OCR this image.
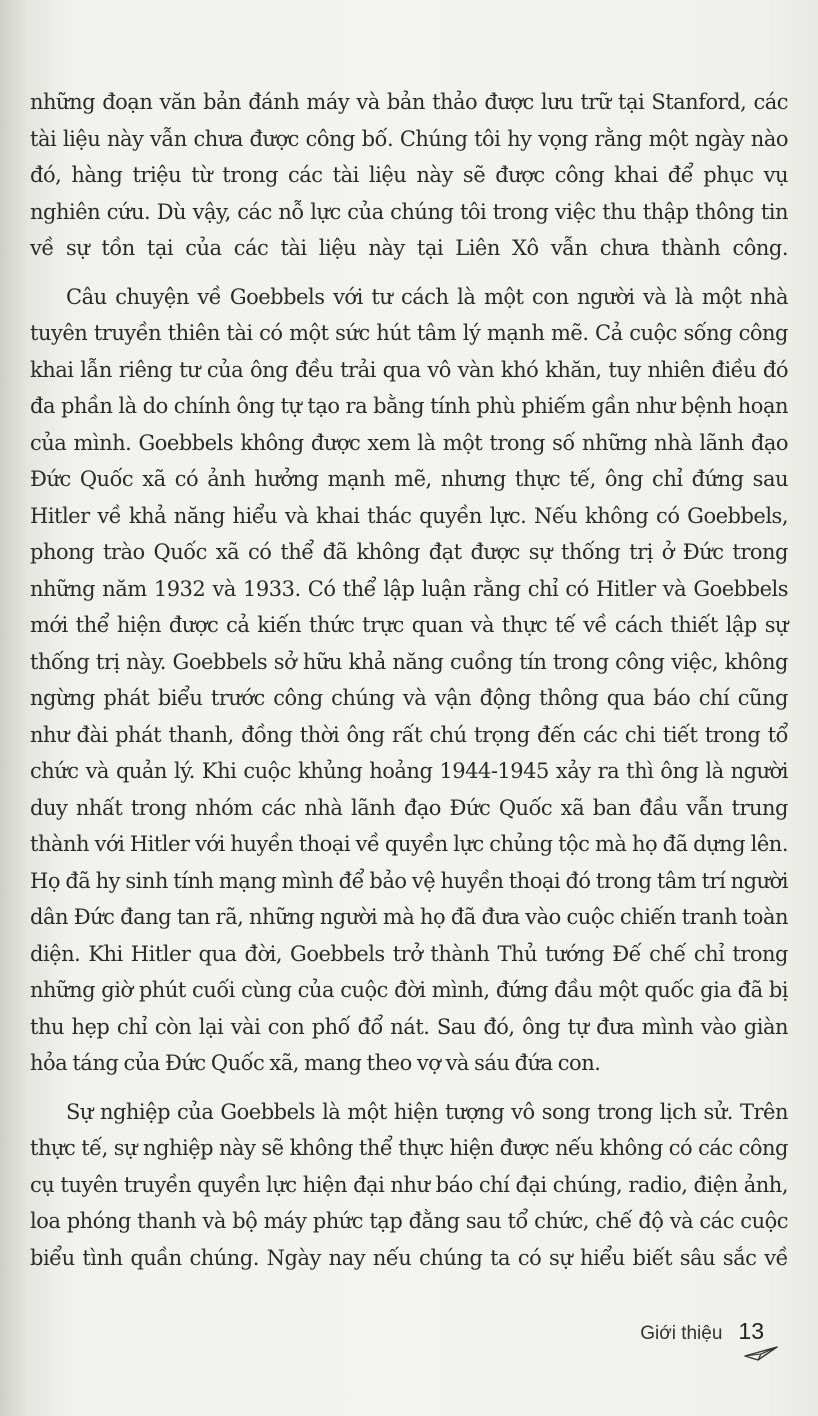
những đoạn văn bản đánh máy và bản thảo được lưu trữ tại Stanford, các tài liệu này vẫn chưa được công bố. Chúng tôi hy vọng rằng một ngày nào đó, hàng triệu từ trong các tài liệu này sẽ được công khai để phục vụ nghiên cứu. Dù vậy, các nỗ lực của chúng tôi trong việc thu thập thông tin về sự tồn tại của các tài liệu này tại Liên Xô vẫn chưa thành công.

Câu chuyện về Goebbels với tư cách là một con người và là một nhà tuyên truyền thiên tài có một sức hút tâm lý mạnh mẽ. Cả cuộc sống công khai lẫn riêng tư của ông đều trải qua vô vàn khó khăn, tuy nhiên điều đó đa phần là do chính ông tự tạo ra bằng tính phù phiếm gần như bệnh hoạn của mình. Goebbels không được xem là một trong số những nhà lãnh đạo Đức Quốc xã có ảnh hưởng mạnh mẽ, nhưng thực tế, ông chỉ đứng sau Hitler về khả năng hiểu và khai thác quyền lực. Nếu không có Goebbels, phong trào Quốc xã có thể đã không đạt được sự thống trị ở Đức trong những năm 1932 và 1933. Có thể lập luận rằng chỉ có Hitler và Goebbels mới thể hiện được cả kiến thức trực quan và thực tế về cách thiết lập sự thống trị này. Goebbels sở hữu khả năng cuồng tín trong công việc, không ngừng phát biểu trước công chúng và vận động thông qua báo chí cũng như đài phát thanh, đồng thời ông rất chú trọng đến các chi tiết trong tổ chức và quản lý. Khi cuộc khủng hoảng 1944-1945 xảy ra thì ông là người duy nhất trong nhóm các nhà lãnh đạo Đức Quốc xã ban đầu vẫn trung thành với Hitler với huyền thoại về quyền lực chủng tộc mà họ đã dựng lên. Họ đã hy sinh tính mạng mình để bảo vệ huyền thoại đó trong tâm trí người dân Đức đang tan rã, những người mà họ đã đưa vào cuộc chiến tranh toàn diện. Khi Hitler qua đời, Goebbels trở thành Thủ tướng Đế chế chỉ trong những giờ phút cuối cùng của cuộc đời mình, đứng đầu một quốc gia đã bị thu hẹp chỉ còn lại vài con phố đổ nát. Sau đó, ông tự đưa mình vào giàn hỏa táng của Đức Quốc xã, mang theo vợ và sáu đứa con.

Sự nghiệp của Goebbels là một hiện tượng vô song trong lịch sử. Trên thực tế, sự nghiệp này sẽ không thể thực hiện được nếu không có các công cụ tuyên truyền quyền lực hiện đại như báo chí đại chúng, radio, điện ảnh, loa phóng thanh và bộ máy phức tạp đằng sau tổ chức, chế độ và các cuộc biểu tình quần chúng. Ngày nay nếu chúng ta có sự hiểu biết sâu sắc về

Giới thiệu 13
